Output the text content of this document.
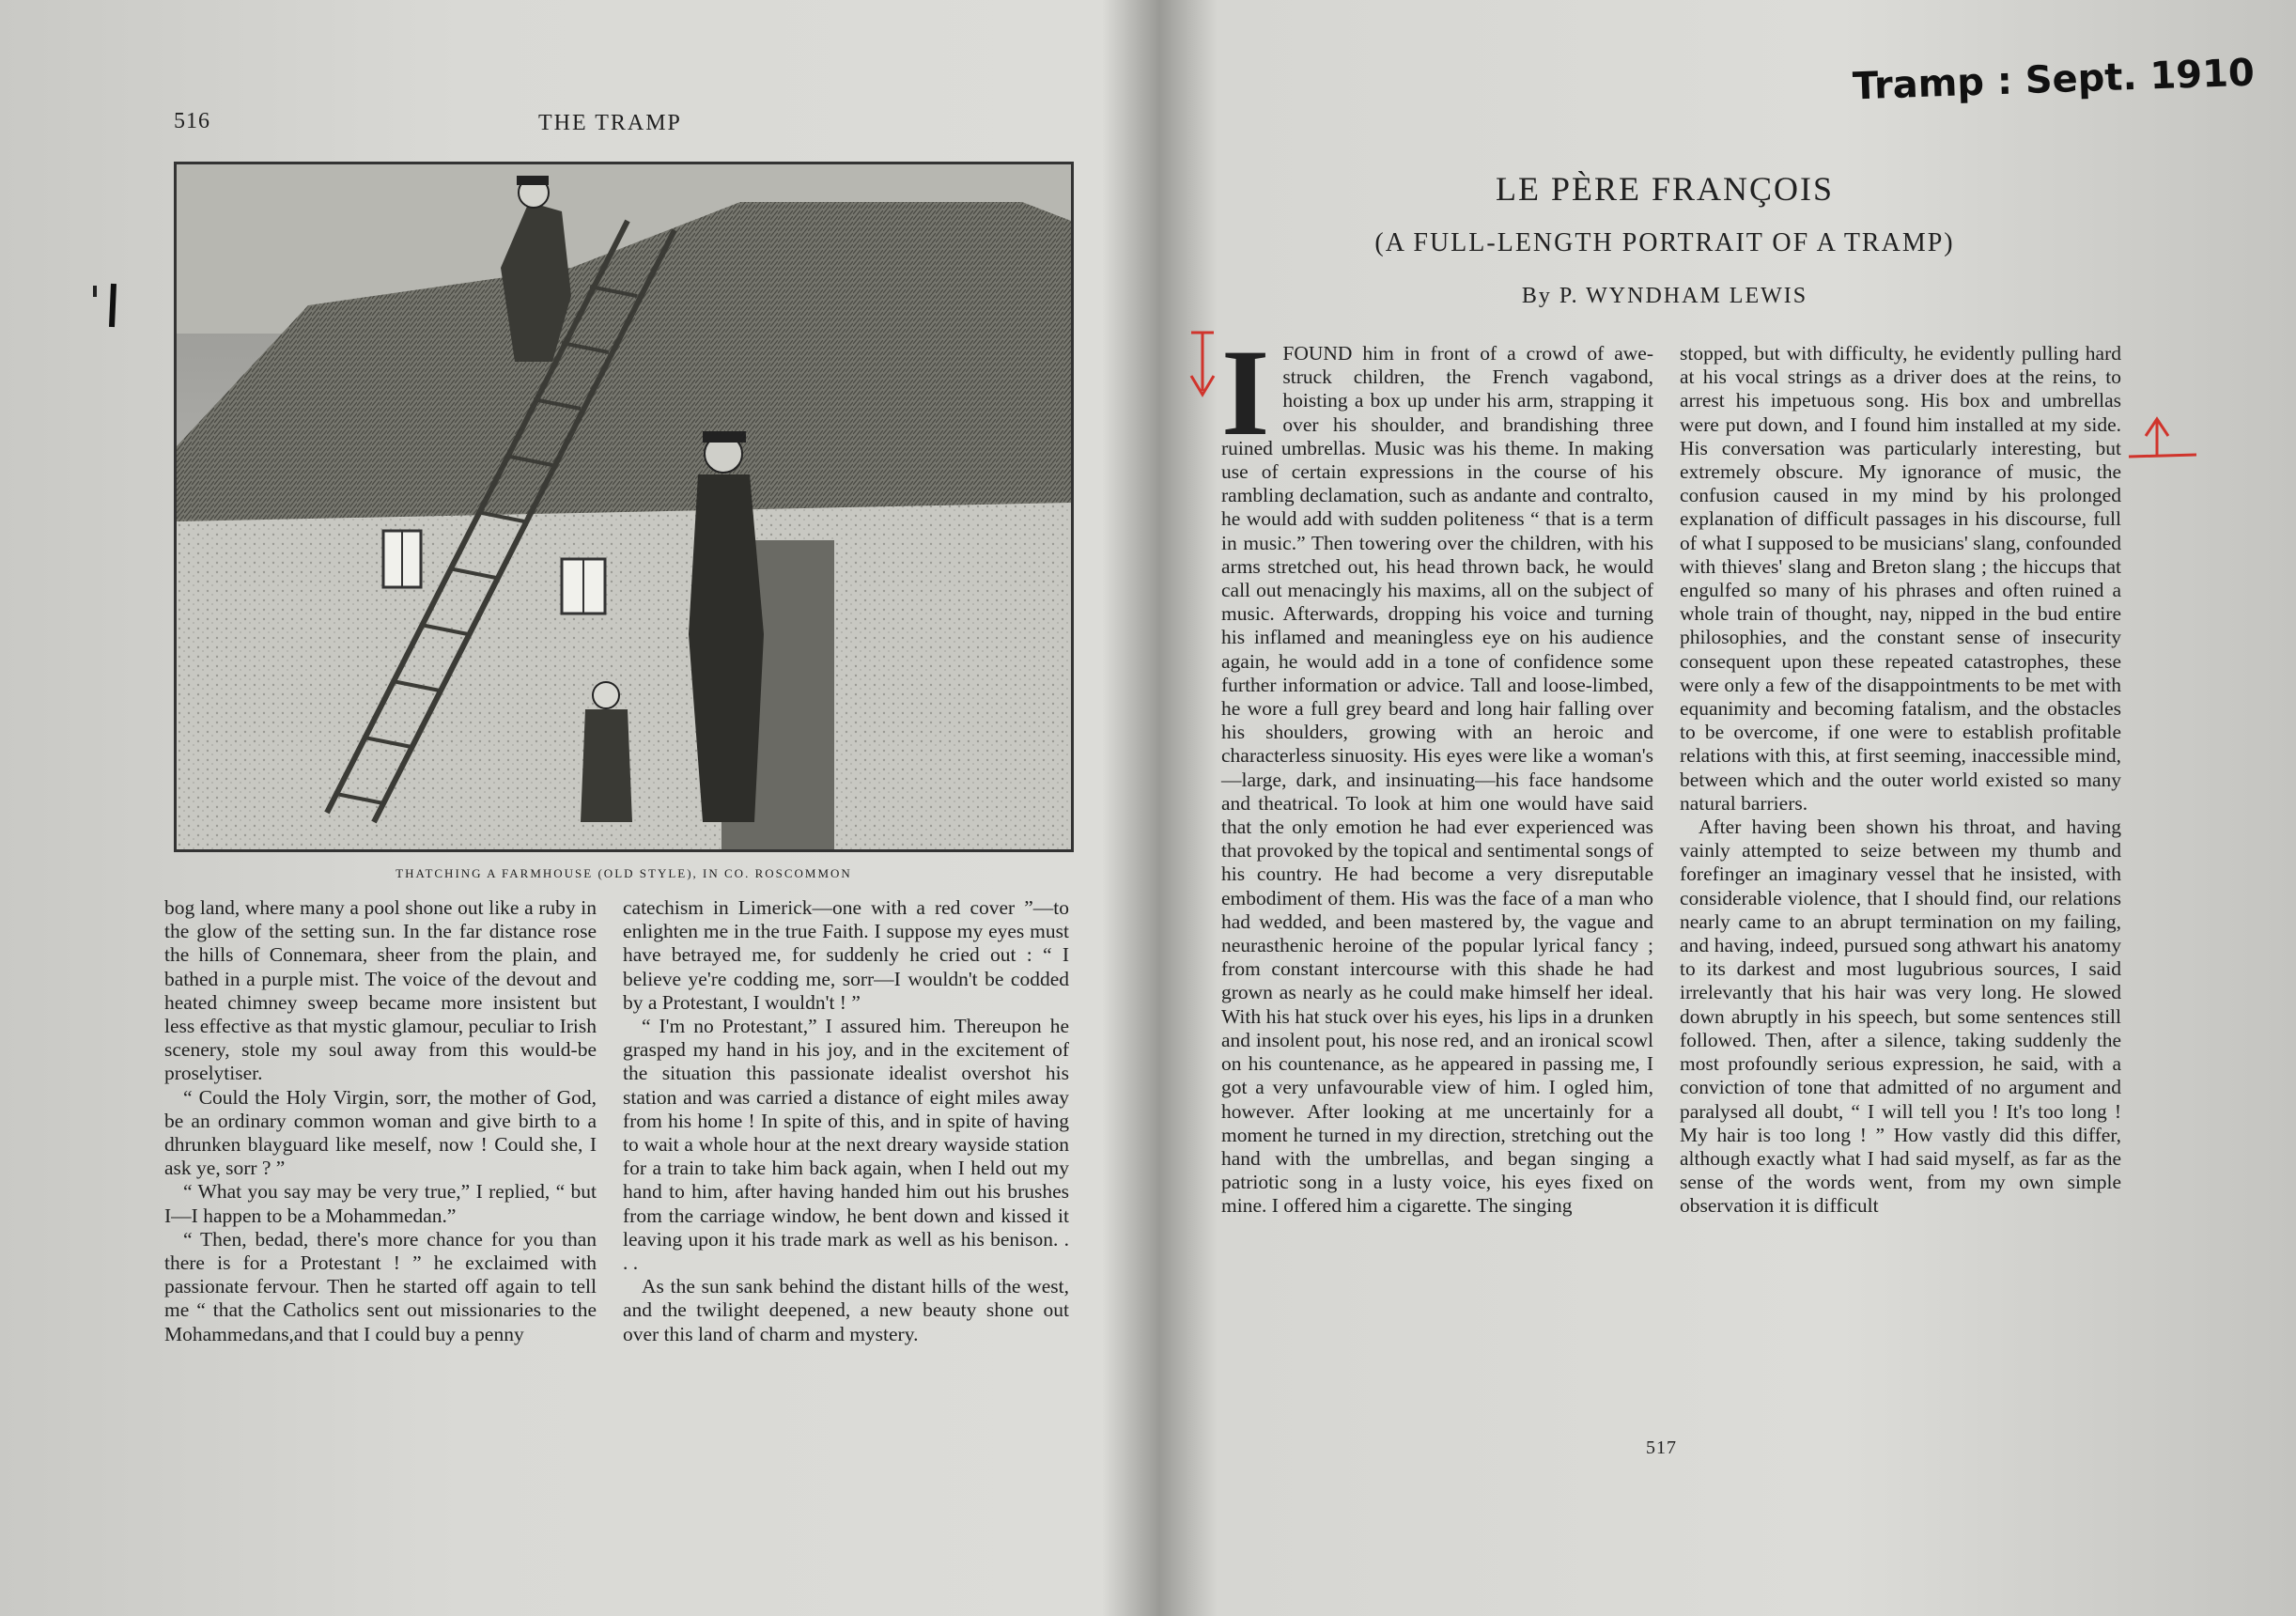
516	THE TRAMP
THATCHING A FARMHOUSE (OLD STYLE), IN CO. ROSCOMMON

bog land, where many a pool shone out like a ruby in the glow of the setting sun. In the far distance rose the hills of Connemara, sheer from the plain, and bathed in a purple mist. The voice of the devout and heated chimney sweep became more insistent but less effective as that mystic glamour, peculiar to Irish scenery, stole my soul away from this would-be proselytiser.

“ Could the Holy Virgin, sorr, the mother of God, be an ordinary common woman and give birth to a dhrunken blayguard like meself, now ! Could she, I ask ye, sorr ? ”

“ What you say may be very true,” I replied, “ but I—I happen to be a Mohammedan.”

“ Then, bedad, there's more chance for you than there is for a Protestant ! ” he exclaimed with passionate fervour. Then he started off again to tell me “ that the Catholics sent out missionaries to the Mohammedans,and that I could buy a penny

catechism in Limerick—one with a red cover ”—to enlighten me in the true Faith. I suppose my eyes must have betrayed me, for suddenly he cried out : “ I believe ye're codding me, sorr—I wouldn't be codded by a Protestant, I wouldn't ! ”

“ I'm no Protestant,” I assured him. Thereupon he grasped my hand in his joy, and in the excitement of the situation this passionate idealist overshot his station and was carried a distance of eight miles away from his home ! In spite of this, and in spite of having to wait a whole hour at the next dreary wayside station for a train to take him back again, when I held out my hand to him, after having handed him out his brushes from the carriage window, he bent down and kissed it leaving upon it his trade mark as well as his benison. . . .

As the sun sank behind the distant hills of the west, and the twilight deepened, a new beauty shone out over this land of charm and mystery.

Tramp : Sept. 1910
LE PÈRE FRANÇOIS
(A FULL-LENGTH PORTRAIT OF A TRAMP)
By P. WYNDHAM LEWIS
I FOUND him in front of a crowd of awe-struck children, the French vagabond, hoisting a box up under his arm, strapping it over his shoulder, and brandishing three ruined umbrellas. Music was his theme. In making use of certain expressions in the course of his rambling declamation, such as andante and contralto, he would add with sudden politeness “ that is a term in music.” Then towering over the children, with his arms stretched out, his head thrown back, he would call out menacingly his maxims, all on the subject of music. Afterwards, dropping his voice and turning his inflamed and meaningless eye on his audience again, he would add in a tone of confidence some further information or advice. Tall and loose-limbed, he wore a full grey beard and long hair falling over his shoulders, growing with an heroic and characterless sinuosity. His eyes were like a woman's—large, dark, and insinuating—his face handsome and theatrical. To look at him one would have said that the only emotion he had ever experienced was that provoked by the topical and sentimental songs of his country. He had become a very disreputable embodiment of them. His was the face of a man who had wedded, and been mastered by, the vague and neurasthenic heroine of the popular lyrical fancy ; from constant intercourse with this shade he had grown as nearly as he could make himself her ideal. With his hat stuck over his eyes, his lips in a drunken and insolent pout, his nose red, and an ironical scowl on his countenance, as he appeared in passing me, I got a very unfavourable view of him. I ogled him, however. After looking at me uncertainly for a moment he turned in my direction, stretching out the hand with the umbrellas, and began singing a patriotic song in a lusty voice, his eyes fixed on mine. I offered him a cigarette. The singing

stopped, but with difficulty, he evidently pulling hard at his vocal strings as a driver does at the reins, to arrest his impetuous song. His box and umbrellas were put down, and I found him installed at my side. His conversation was particularly interesting, but extremely obscure. My ignorance of music, the confusion caused in my mind by his prolonged explanation of difficult passages in his discourse, full of what I supposed to be musicians' slang, confounded with thieves' slang and Breton slang ; the hiccups that engulfed so many of his phrases and often ruined a whole train of thought, nay, nipped in the bud entire philosophies, and the constant sense of insecurity consequent upon these repeated catastrophes, these were only a few of the disappointments to be met with equanimity and becoming fatalism, and the obstacles to be overcome, if one were to establish profitable relations with this, at first seeming, inaccessible mind, between which and the outer world existed so many natural barriers.

After having been shown his throat, and having vainly attempted to seize between my thumb and forefinger an imaginary vessel that he insisted, with considerable violence, that I should find, our relations nearly came to an abrupt termination on my failing, and having, indeed, pursued song athwart his anatomy to its darkest and most lugubrious sources, I said irrelevantly that his hair was very long. He slowed down abruptly in his speech, but some sentences still followed. Then, after a silence, taking suddenly the most profoundly serious expression, he said, with a conviction of tone that admitted of no argument and paralysed all doubt, “ I will tell you ! It's too long ! My hair is too long ! ” How vastly did this differ, although exactly what I had said myself, as far as the sense of the words went, from my own simple observation it is difficult

517
